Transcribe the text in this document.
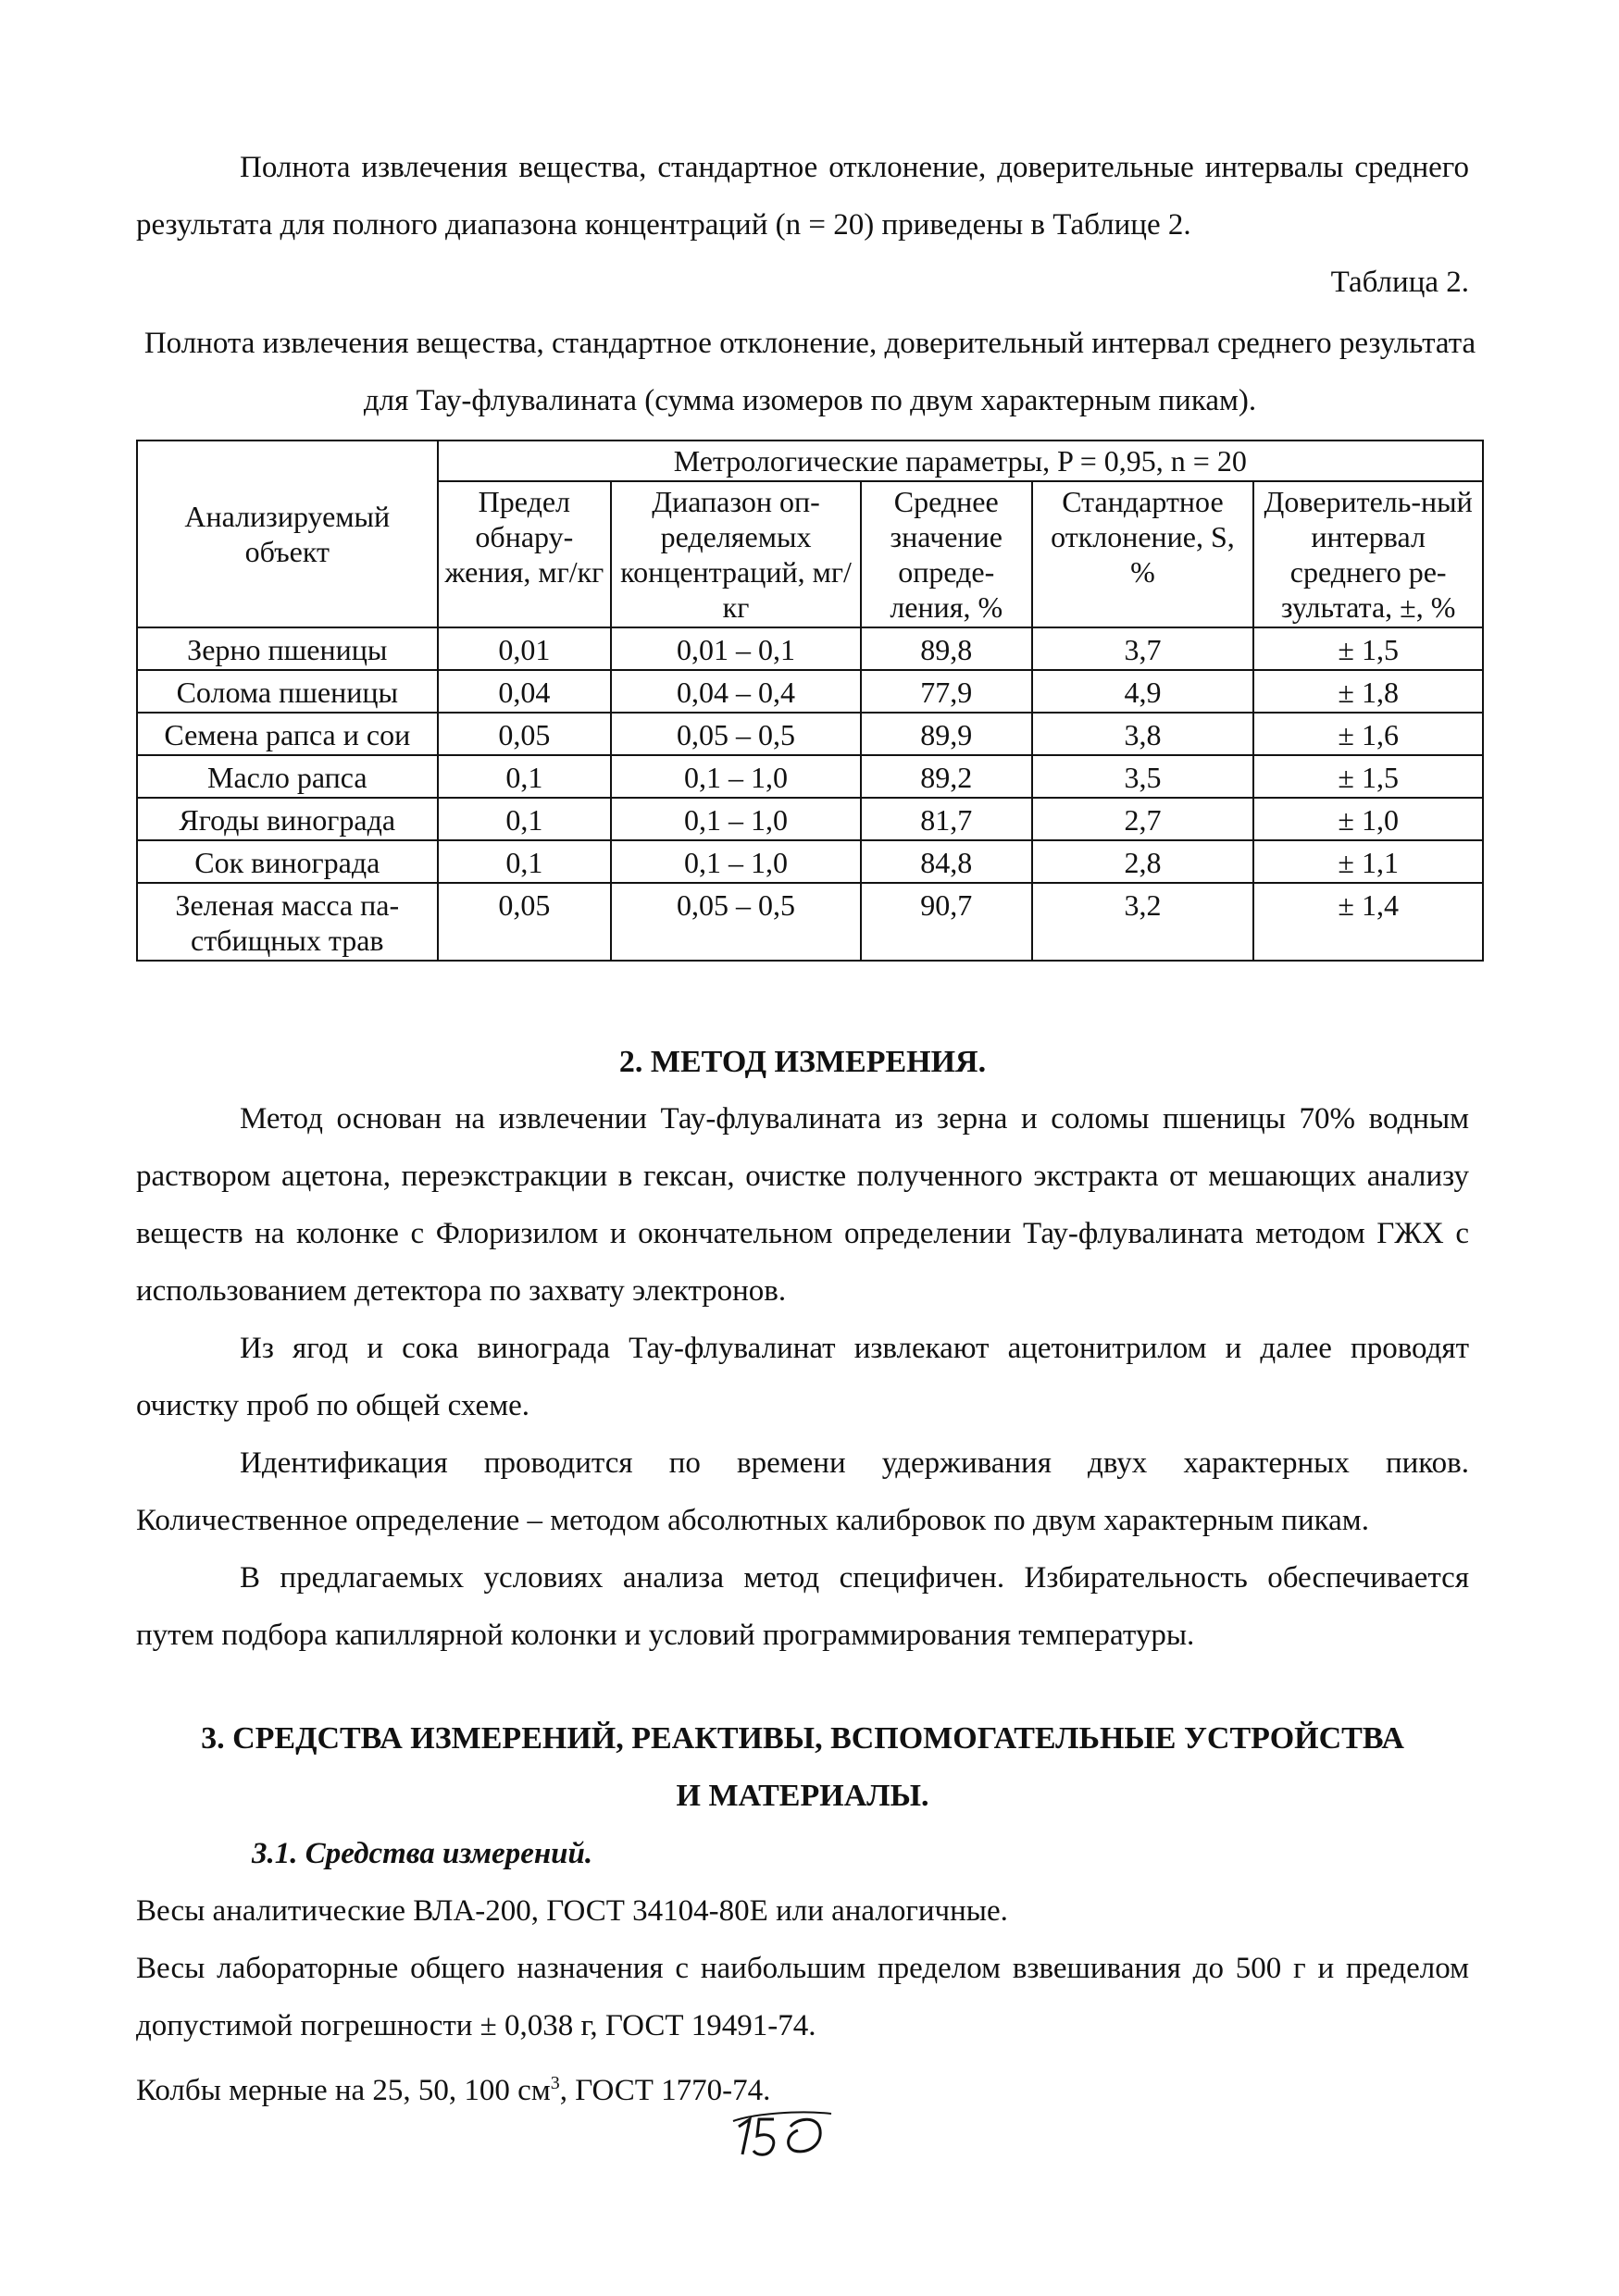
Полнота извлечения вещества, стандартное отклонение, доверительные интервалы среднего результата для полного диапазона концентраций (n = 20) приведены в Таблице 2.

Таблица 2.

Полнота извлечения вещества, стандартное отклонение, доверительный интервал среднего результата для Тау-флувалината (сумма изомеров по двум характерным пикам).

Анализируемый объект	Метрологические параметры, P = 0,95, n = 20				
	Предел обнару-жения, мг/кг	Диапазон оп-ределяемых концентраций, мг/кг	Среднее значение опреде-ления, %	Стандартное отклонение, S, %	Доверитель-ный интервал среднего ре-зультата, ±, %
Зерно пшеницы	0,01	0,01 – 0,1	89,8	3,7	± 1,5
Солома пшеницы	0,04	0,04 – 0,4	77,9	4,9	± 1,8
Семена рапса и сои	0,05	0,05 – 0,5	89,9	3,8	± 1,6
Масло рапса	0,1	0,1 – 1,0	89,2	3,5	± 1,5
Ягоды винограда	0,1	0,1 – 1,0	81,7	2,7	± 1,0
Сок винограда	0,1	0,1 – 1,0	84,8	2,8	± 1,1
Зеленая масса па-стбищных трав	0,05	0,05 – 0,5	90,7	3,2	± 1,4
2. МЕТОД ИЗМЕРЕНИЯ.

Метод основан на извлечении Тау-флувалината из зерна и соломы пшеницы 70% водным раствором ацетона, переэкстракции в гексан, очистке полученного экстракта от мешающих анализу веществ на колонке с Флоризилом и окончательном определении Тау-флувалината методом ГЖХ с использованием детектора по захвату электронов.

Из ягод и сока винограда Тау-флувалинат извлекают ацетонитрилом и далее проводят очистку проб по общей схеме.

Идентификация проводится по времени удерживания двух характерных пиков. Количественное определение – методом абсолютных калибровок по двум характерным пикам.

В предлагаемых условиях анализа метод специфичен. Избирательность обеспечивается путем подбора капиллярной колонки и условий программирования температуры.

3. СРЕДСТВА ИЗМЕРЕНИЙ, РЕАКТИВЫ, ВСПОМОГАТЕЛЬНЫЕ УСТРОЙСТВА И МАТЕРИАЛЫ.

3.1. Средства измерений.

Весы аналитические ВЛА-200, ГОСТ 34104-80Е или аналогичные.

Весы лабораторные общего назначения с наибольшим пределом взвешивания до 500 г и пределом допустимой погрешности ± 0,038 г, ГОСТ 19491-74.

Колбы мерные на 25, 50, 100 $см^3$, ГОСТ 1770-74.
